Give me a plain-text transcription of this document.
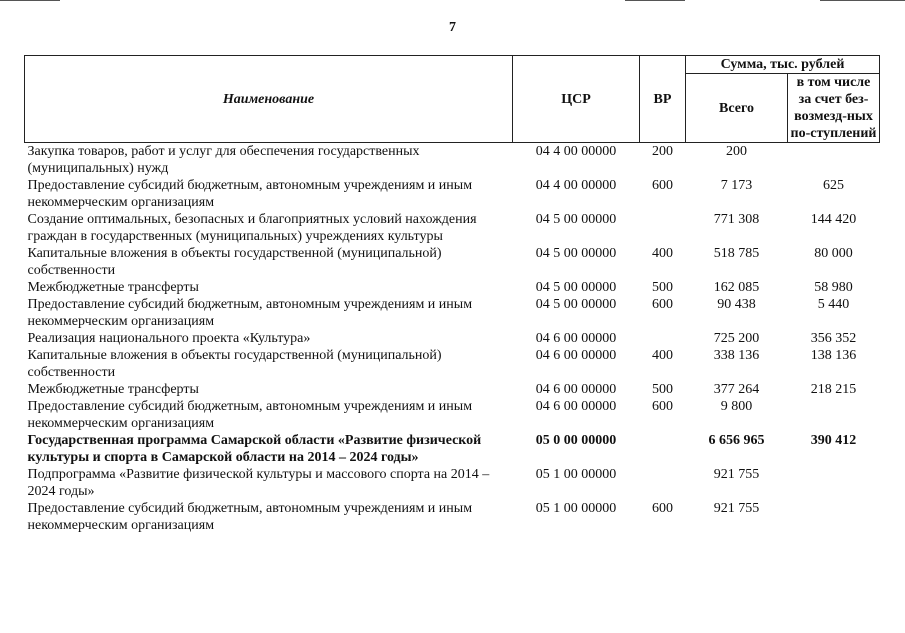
7
Наименование	ЦСР	ВР	Сумма, тыс. рублей	
			Всего	в том числе за счет без-возмезд-ных по-ступлений
Закупка товаров, работ и услуг для обеспечения государственных (муниципальных) нужд	04 4 00 00000	200	200	
Предоставление субсидий бюджетным, автономным учреждениям и иным некоммерческим организациям	04 4 00 00000	600	7 173	625
Создание оптимальных, безопасных и благоприятных условий нахождения граждан в государственных (муниципальных) учреждениях культуры	04 5 00 00000		771 308	144 420
Капитальные вложения в объекты государственной (муниципальной) собственности	04 5 00 00000	400	518 785	80 000
Межбюджетные трансферты	04 5 00 00000	500	162 085	58 980
Предоставление субсидий бюджетным, автономным учреждениям и иным некоммерческим организациям	04 5 00 00000	600	90 438	5 440
Реализация национального проекта «Культура»	04 6 00 00000		725 200	356 352
Капитальные вложения в объекты государственной (муниципальной) собственности	04 6 00 00000	400	338 136	138 136
Межбюджетные трансферты	04 6 00 00000	500	377 264	218 215
Предоставление субсидий бюджетным, автономным учреждениям и иным некоммерческим организациям	04 6 00 00000	600	9 800	
Государственная программа Самарской области «Развитие физической культуры и спорта в Самарской области на 2014 – 2024 годы»	05 0 00 00000		6 656 965	390 412
Подпрограмма «Развитие физической культуры и массового спорта на 2014 – 2024 годы»	05 1 00 00000		921 755	
Предоставление субсидий бюджетным, автономным учреждениям и иным некоммерческим организациям	05 1 00 00000	600	921 755	
